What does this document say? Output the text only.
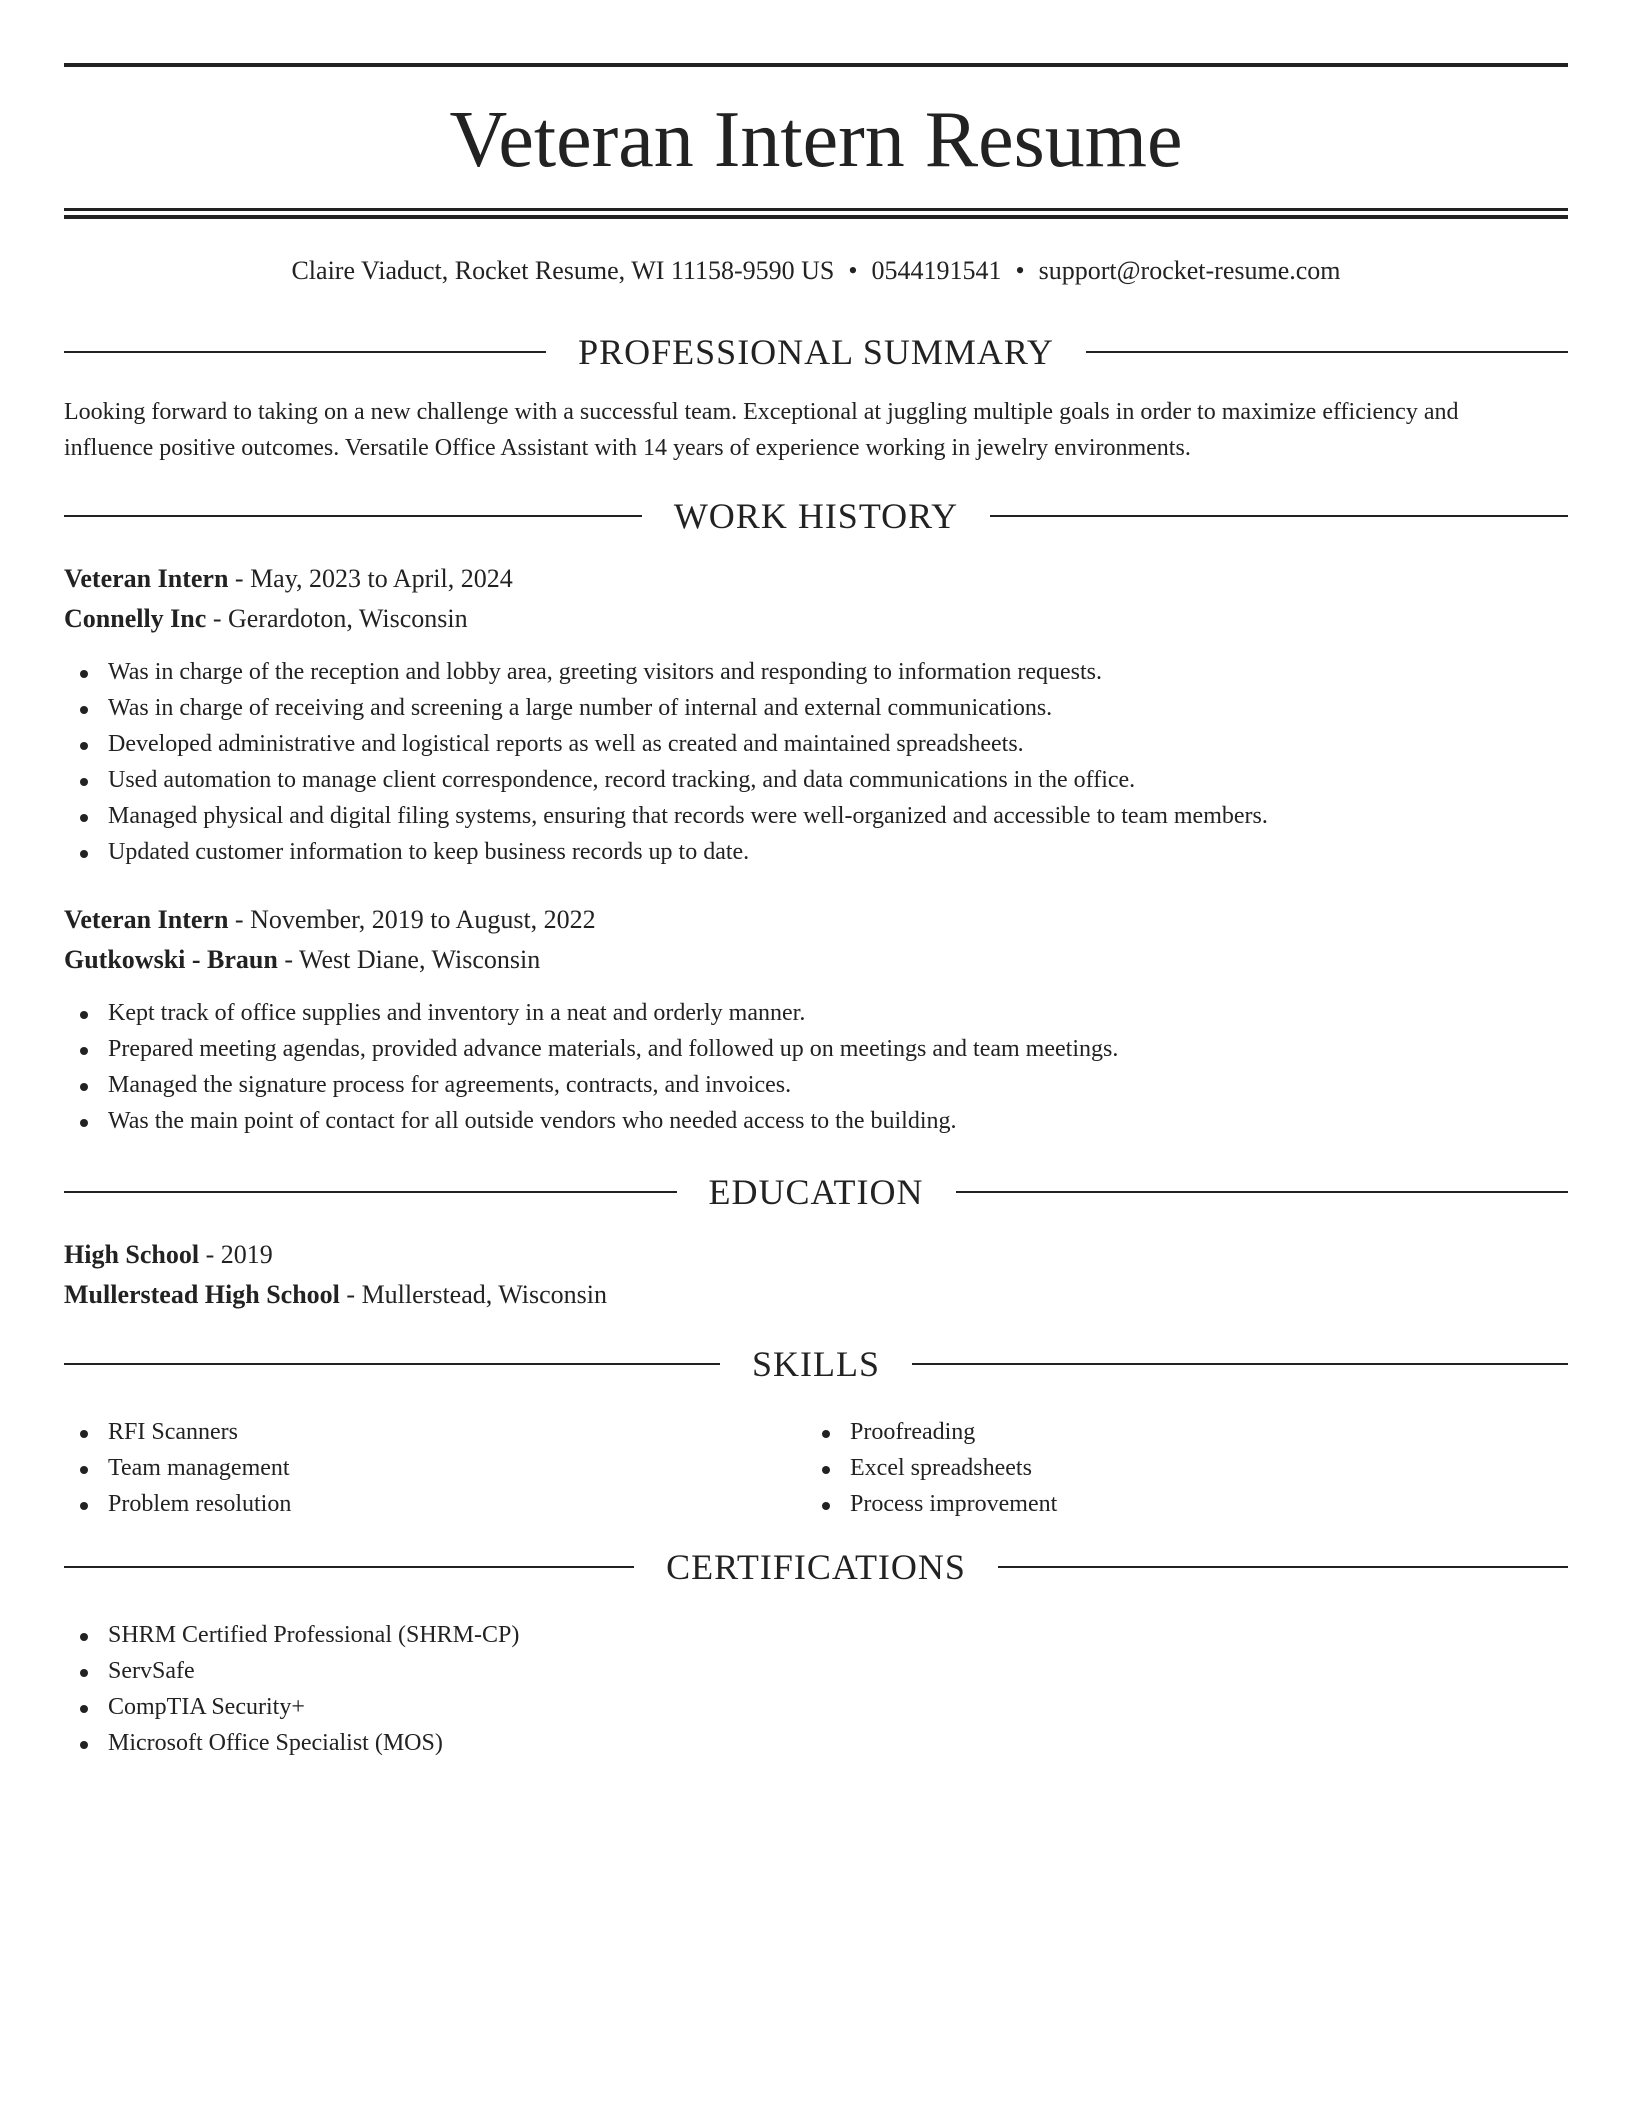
Veteran Intern Resume
Claire Viaduct, Rocket Resume, WI 11158-9590 US • 0544191541 • support@rocket-resume.com
PROFESSIONAL SUMMARY

Looking forward to taking on a new challenge with a successful team. Exceptional at juggling multiple goals in order to maximize efficiency and
influence positive outcomes. Versatile Office Assistant with 14 years of experience working in jewelry environments.

WORK HISTORY
Veteran Intern - May, 2023 to April, 2024
Connelly Inc - Gerardoton, Wisconsin
Was in charge of the reception and lobby area, greeting visitors and responding to information requests.
Was in charge of receiving and screening a large number of internal and external communications.
Developed administrative and logistical reports as well as created and maintained spreadsheets.
Used automation to manage client correspondence, record tracking, and data communications in the office.
Managed physical and digital filing systems, ensuring that records were well-organized and accessible to team members.
Updated customer information to keep business records up to date.
Veteran Intern - November, 2019 to August, 2022
Gutkowski - Braun - West Diane, Wisconsin
Kept track of office supplies and inventory in a neat and orderly manner.
Prepared meeting agendas, provided advance materials, and followed up on meetings and team meetings.
Managed the signature process for agreements, contracts, and invoices.
Was the main point of contact for all outside vendors who needed access to the building.
EDUCATION
High School - 2019
Mullerstead High School - Mullerstead, Wisconsin
SKILLS
RFI Scanners
Team management
Problem resolution
Proofreading
Excel spreadsheets
Process improvement
CERTIFICATIONS
SHRM Certified Professional (SHRM-CP)
ServSafe
CompTIA Security+
Microsoft Office Specialist (MOS)
